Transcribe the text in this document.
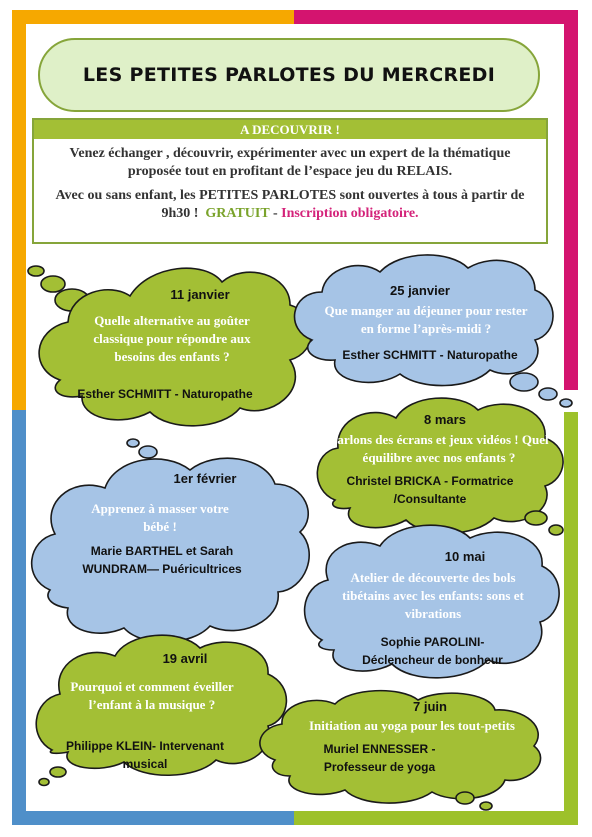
LES PETITES PARLOTES DU MERCREDI
A DECOUVRIR !

Venez échanger , découvrir, expérimenter avec un expert de la thématique proposée tout en profitant de l’espace jeu du RELAIS.

Avec ou sans enfant, les PETITES PARLOTES sont ouvertes à tous à partir de 9h30 ! GRATUIT - Inscription obligatoire.

11 janvier
Quelle alternative au goûter classique pour répondre aux besoins des enfants ?
Esther SCHMITT - Naturopathe
25 janvier
Que manger au déjeuner pour rester en forme l’après-midi ?
Esther SCHMITT - Naturopathe
8 mars
Parlons des écrans et jeux vidéos ! Quel équilibre avec nos enfants ?
Christel BRICKA - Formatrice /Consultante
1er février
Apprenez à masser votre bébé !
Marie BARTHEL et Sarah WUNDRAM— Puéricultrices
10 mai
Atelier de découverte des bols tibétains avec les enfants: sons et vibrations
Sophie PAROLINI- Déclencheur de bonheur
19 avril
Pourquoi et comment éveiller l’enfant à la musique ?
Philippe KLEIN- Intervenant musical
7 juin
Initiation au yoga pour les tout-petits
Muriel ENNESSER - Professeur de yoga
